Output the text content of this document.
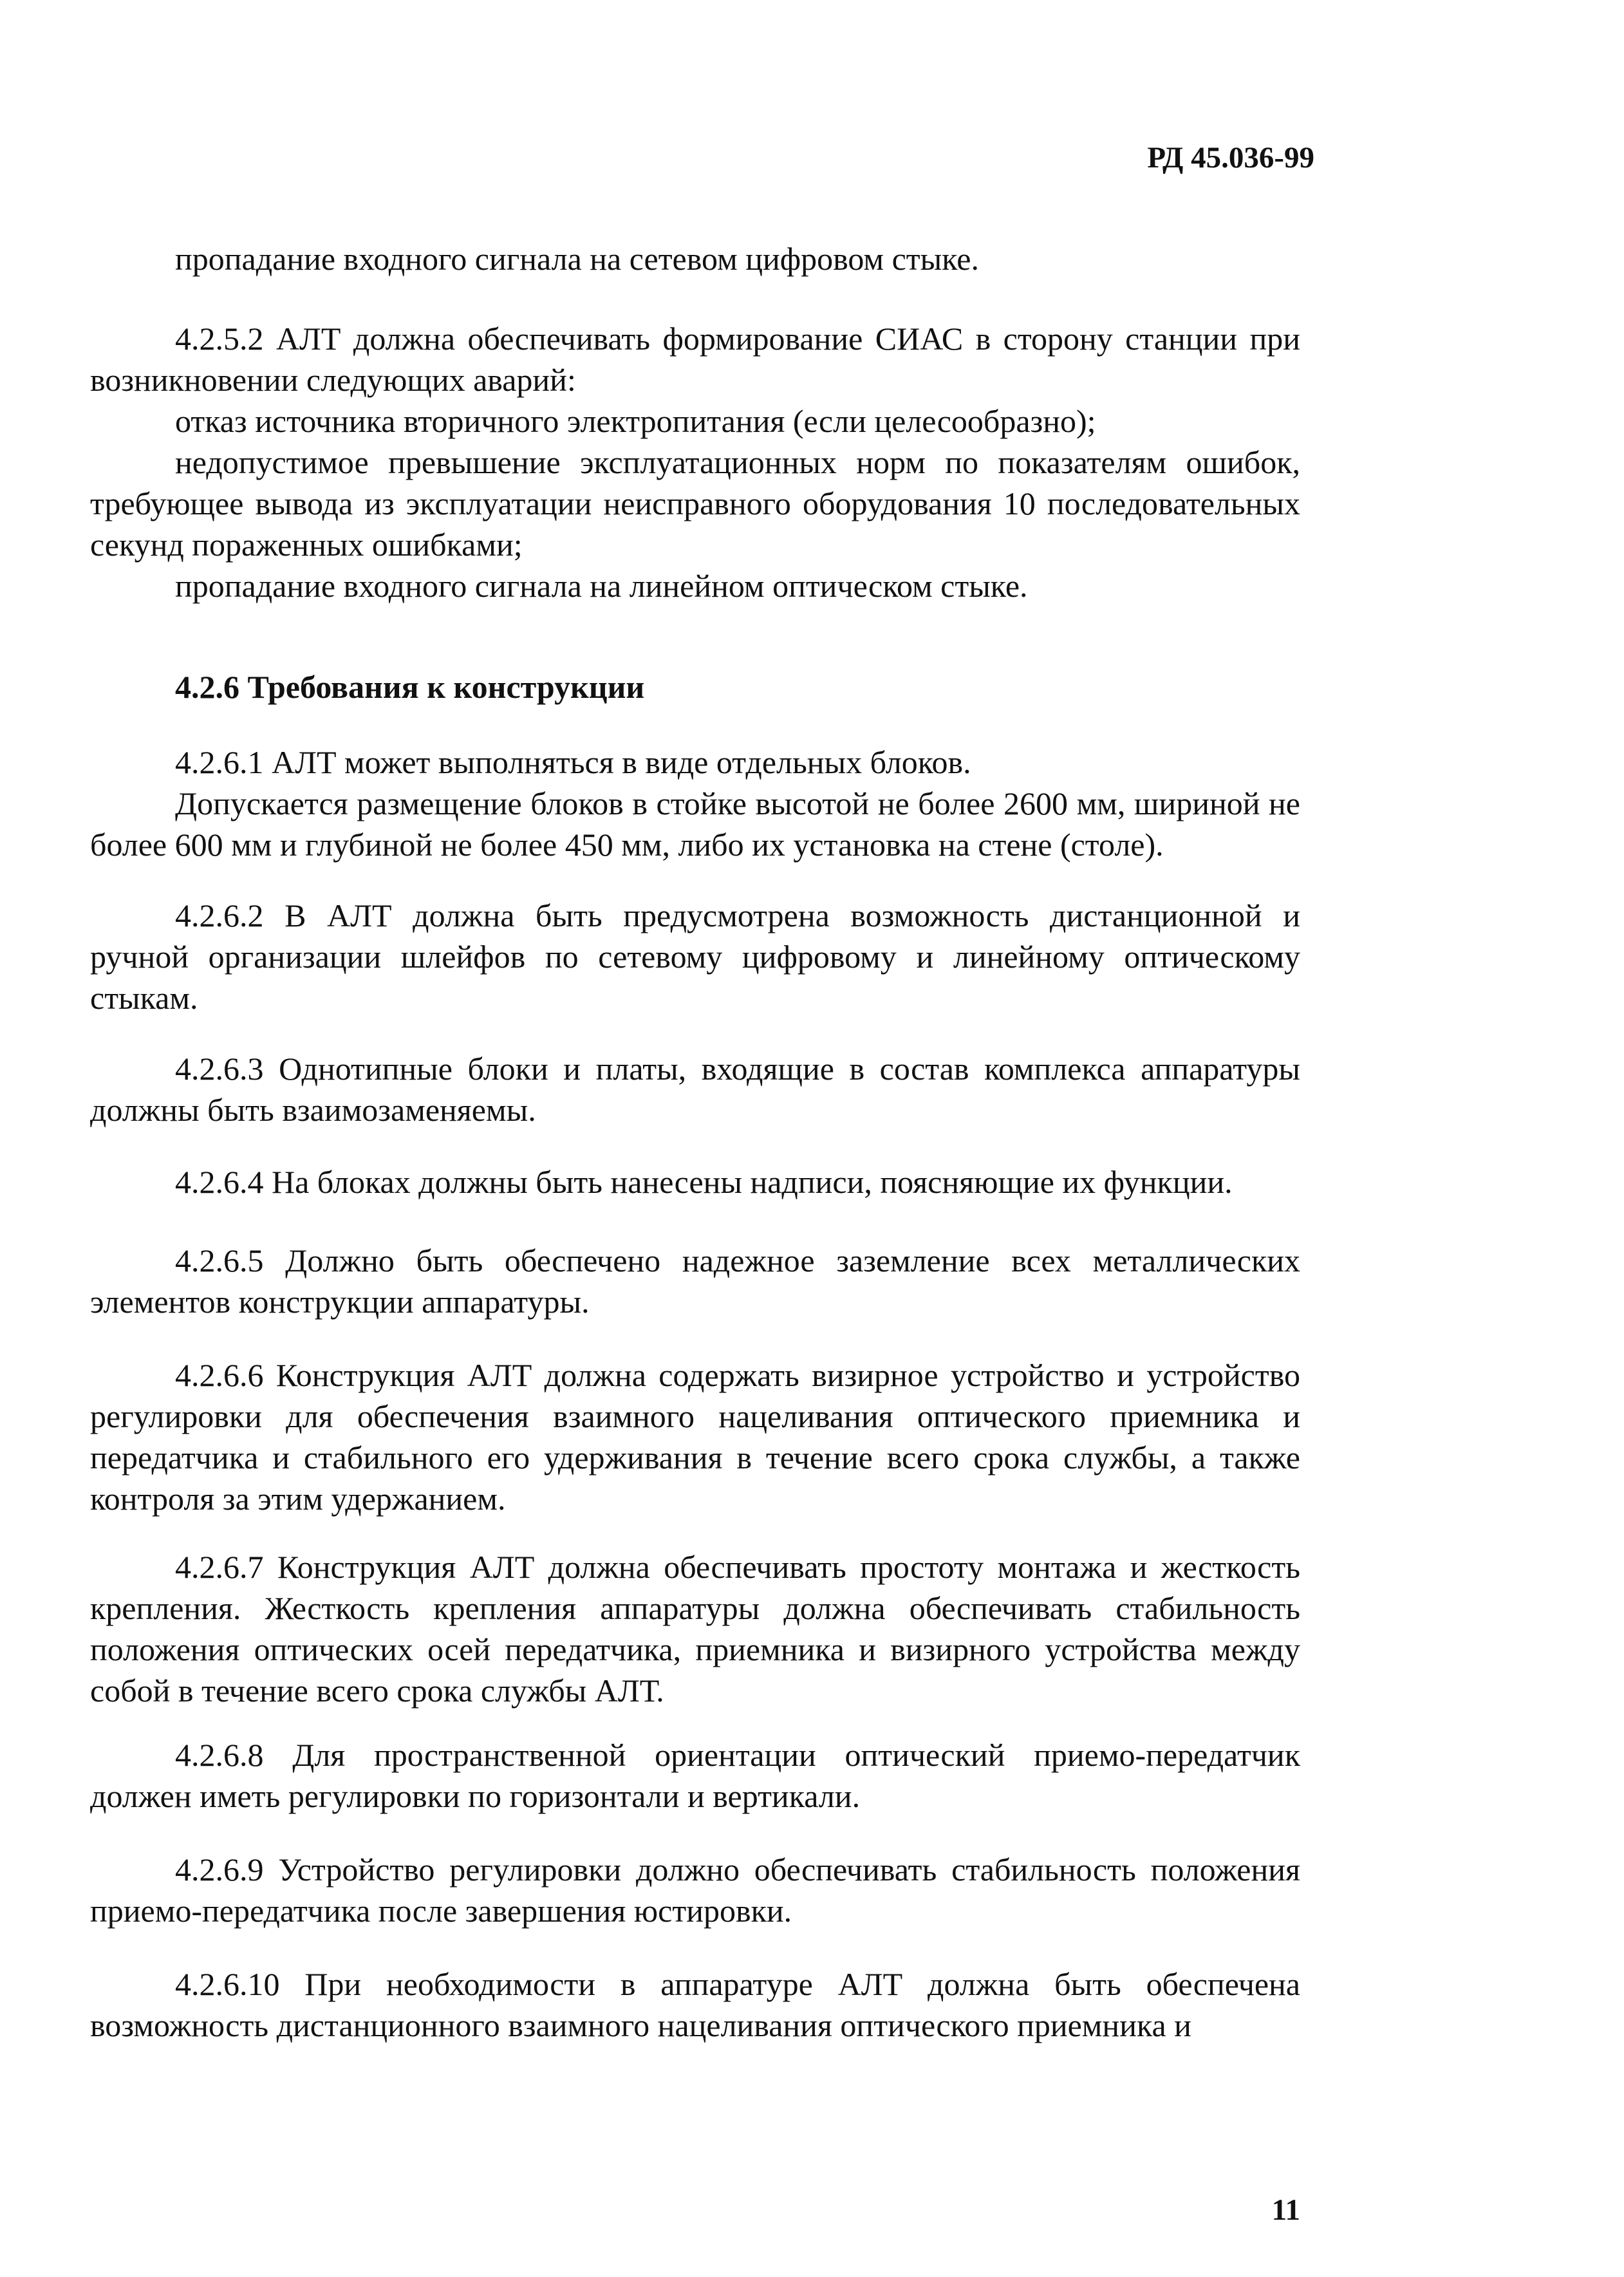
РД 45.036-99
пропадание входного сигнала на сетевом цифровом стыке.
4.2.5.2 АЛТ должна обеспечивать формирование СИАС в сторону станции при возникновении следующих аварий:
отказ источника вторичного электропитания (если целесообразно);
недопустимое превышение эксплуатационных норм по показателям ошибок, требующее вывода из эксплуатации неисправного оборудования 10 последовательных секунд пораженных ошибками;
пропадание входного сигнала на линейном оптическом стыке.
4.2.6 Требования к конструкции
4.2.6.1 АЛТ может выполняться в виде отдельных блоков.
Допускается размещение блоков в стойке высотой не более 2600 мм, шириной не более 600 мм и глубиной не более 450 мм, либо их установка на стене (столе).
4.2.6.2 В АЛТ должна быть предусмотрена возможность дистанционной и ручной организации шлейфов по сетевому цифровому и линейному оптическому стыкам.
4.2.6.3 Однотипные блоки и платы, входящие в состав комплекса аппаратуры должны быть взаимозаменяемы.
4.2.6.4 На блоках должны быть нанесены надписи, поясняющие их функции.
4.2.6.5 Должно быть обеспечено надежное заземление всех металлических элементов конструкции аппаратуры.
4.2.6.6 Конструкция АЛТ должна содержать визирное устройство и устройство регулировки для обеспечения взаимного нацеливания оптического приемника и передатчика и стабильного его удерживания в течение всего срока службы, а также контроля за этим удержанием.
4.2.6.7 Конструкция АЛТ должна обеспечивать простоту монтажа и жесткость крепления. Жесткость крепления аппаратуры должна обеспечивать стабильность положения оптических осей передатчика, приемника и визирного устройства между собой в течение всего срока службы АЛТ.
4.2.6.8 Для пространственной ориентации оптический приемо-передатчик должен иметь регулировки по горизонтали и вертикали.
4.2.6.9 Устройство регулировки должно обеспечивать стабильность положения приемо-передатчика после завершения юстировки.
4.2.6.10 При необходимости в аппаратуре АЛТ должна быть обеспечена возможность дистанционного взаимного нацеливания оптического приемника и
11
